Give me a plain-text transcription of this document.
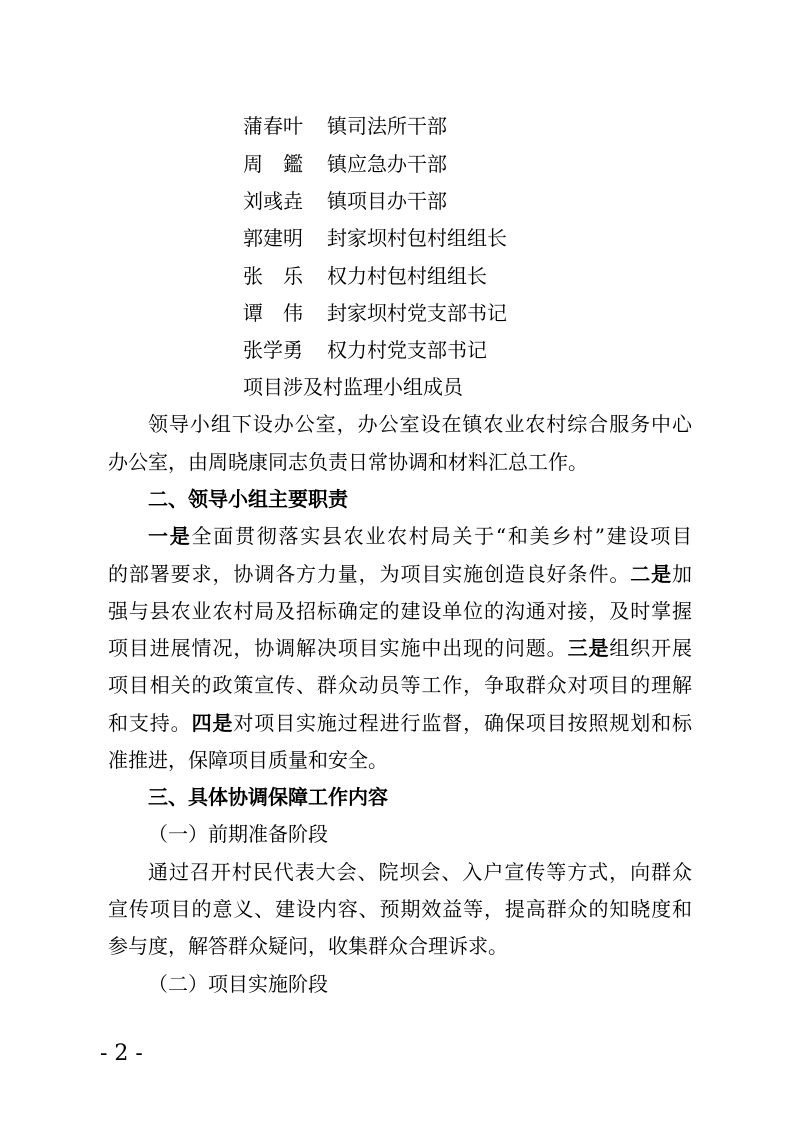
蒲春叶 镇司法所干部
周　鑑 镇应急办干部
刘彧垚 镇项目办干部
郭建明 封家坝村包村组组长
张　乐 权力村包村组组长
谭　伟 封家坝村党支部书记
张学勇 权力村党支部书记
项目涉及村监理小组成员
领导小组下设办公室，办公室设在镇农业农村综合服务中心
办公室，由周晓康同志负责日常协调和材料汇总工作。
二、领导小组主要职责
一是全面贯彻落实县农业农村局关于“和美乡村”建设项目
的部署要求，协调各方力量，为项目实施创造良好条件。二是加
强与县农业农村局及招标确定的建设单位的沟通对接，及时掌握
项目进展情况，协调解决项目实施中出现的问题。三是组织开展
项目相关的政策宣传、群众动员等工作，争取群众对项目的理解
和支持。四是对项目实施过程进行监督，确保项目按照规划和标
准推进，保障项目质量和安全。
三、具体协调保障工作内容
（一）前期准备阶段
通过召开村民代表大会、院坝会、入户宣传等方式，向群众
宣传项目的意义、建设内容、预期效益等，提高群众的知晓度和
参与度，解答群众疑问，收集群众合理诉求。
（二）项目实施阶段
- 2 -
